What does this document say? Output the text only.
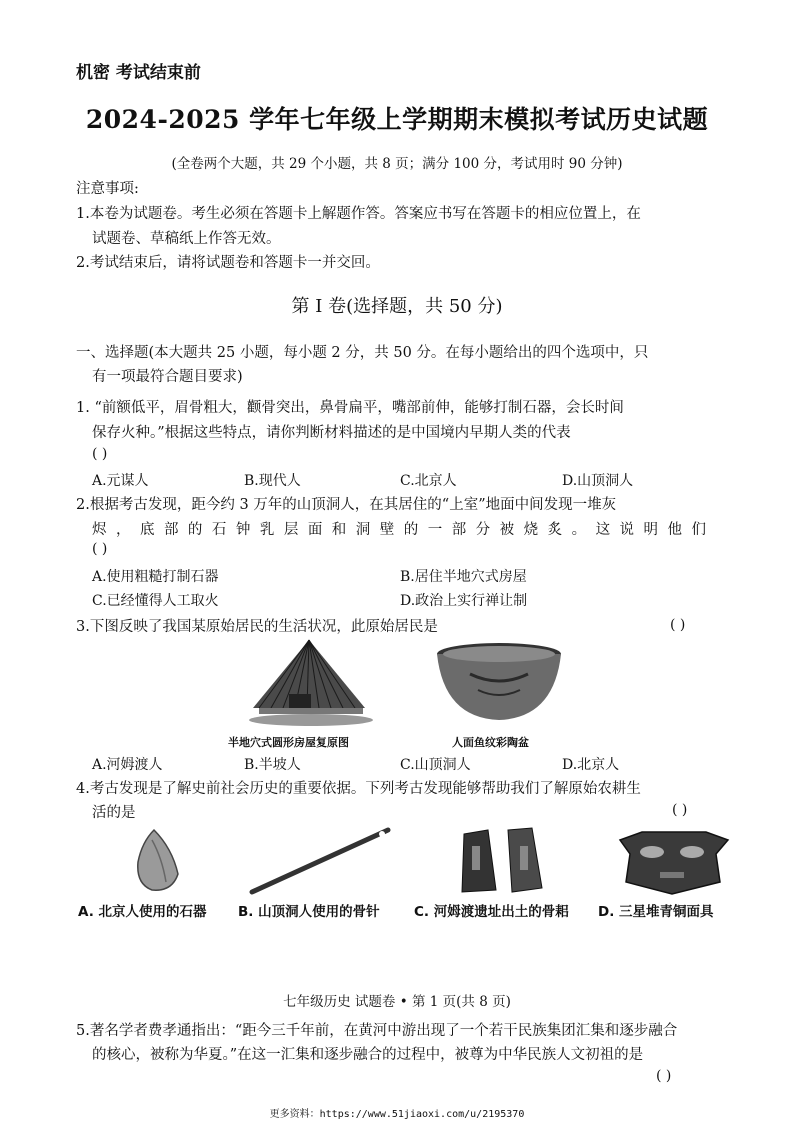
机密 考试结束前
2024-2025 学年七年级上学期期末模拟考试历史试题
(全卷两个大题，共 29 个小题，共 8 页；满分 100 分，考试用时 90 分钟)
注意事项:
1.本卷为试题卷。考生必须在答题卡上解题作答。答案应书写在答题卡的相应位置上，在
试题卷、草稿纸上作答无效。
2.考试结束后，请将试题卷和答题卡一并交回。
第 I 卷(选择题，共 50 分)
一、选择题(本大题共 25 小题，每小题 2 分，共 50 分。在每小题给出的四个选项中，只
有一项最符合题目要求)
1. “前额低平，眉骨粗大，颧骨突出，鼻骨扁平，嘴部前伸，能够打制石器，会长时间
保存火种。”根据这些特点，请你判断材料描述的是中国境内早期人类的代表
( )
A.元谋人	B.现代人	C.北京人	D.山顶洞人
2.根据考古发现，距今约 3 万年的山顶洞人，在其居住的“上室”地面中间发现一堆灰
烬，底部的石钟乳层面和洞壁的一部分被烧炙。这说明他们
( )
A.使用粗糙打制石器	B.居住半地穴式房屋
C.已经懂得人工取火	D.政治上实行禅让制
3.下图反映了我国某原始居民的生活状况，此原始居民是	( )
半地穴式圆形房屋复原图	人面鱼纹彩陶盆
A.河姆渡人	B.半坡人	C.山顶洞人	D.北京人
4.考古发现是了解史前社会历史的重要依据。下列考古发现能够帮助我们了解原始农耕生
活的是	( )
A. 北京人使用的石器 B. 山顶洞人使用的骨针	C. 河姆渡遗址出土的骨耜 D. 三星堆青铜面具
七年级历史 试题卷 • 第 1 页(共 8 页)
5.著名学者费孝通指出：“距今三千年前，在黄河中游出现了一个若干民族集团汇集和逐步融合
的核心，被称为华夏。”在这一汇集和逐步融合的过程中，被尊为中华民族人文初祖的是
( )
更多资料：https://www.51jiaoxi.com/u/2195370
